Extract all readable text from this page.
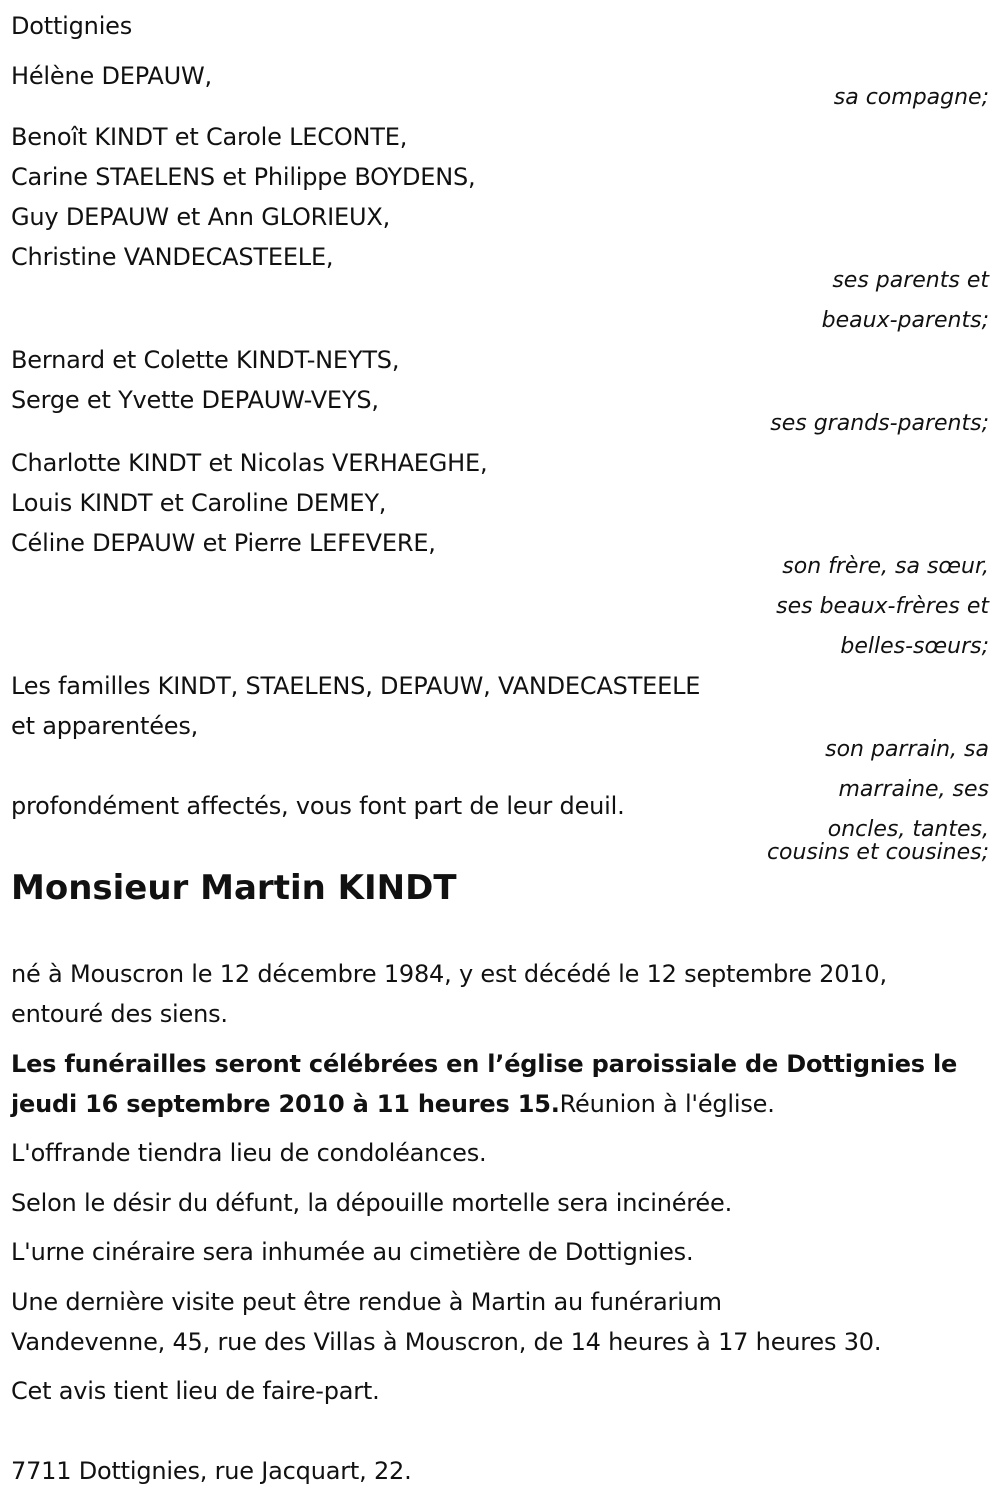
Dottignies
Hélène DEPAUW,
sa compagne;
Benoît KINDT et Carole LECONTE,
Carine STAELENS et Philippe BOYDENS,
Guy DEPAUW et Ann GLORIEUX,
Christine VANDECASTEELE,
ses parents et
beaux-parents;
Bernard et Colette KINDT-NEYTS,
Serge et Yvette DEPAUW-VEYS,
ses grands-parents;
Charlotte KINDT et Nicolas VERHAEGHE,
Louis KINDT et Caroline DEMEY,
Céline DEPAUW et Pierre LEFEVERE,
son frère, sa sœur,
ses beaux-frères et
belles-sœurs;
Les familles KINDT, STAELENS, DEPAUW, VANDECASTEELE
et apparentées,
son parrain, sa
marraine, ses
oncles, tantes,
cousins et cousines;
profondément affectés, vous font part de leur deuil.
Monsieur Martin KINDT
né à Mouscron le 12 décembre 1984, y est décédé le 12 septembre 2010,
entouré des siens.
Les funérailles seront célébrées en l’église paroissiale de Dottignies le
jeudi 16 septembre 2010 à 11 heures 15.Réunion à l'église.
L'offrande tiendra lieu de condoléances.
Selon le désir du défunt, la dépouille mortelle sera incinérée.
L'urne cinéraire sera inhumée au cimetière de Dottignies.
Une dernière visite peut être rendue à Martin au funérarium
Vandevenne, 45, rue des Villas à Mouscron, de 14 heures à 17 heures 30.
Cet avis tient lieu de faire-part.
7711 Dottignies, rue Jacquart, 22.
